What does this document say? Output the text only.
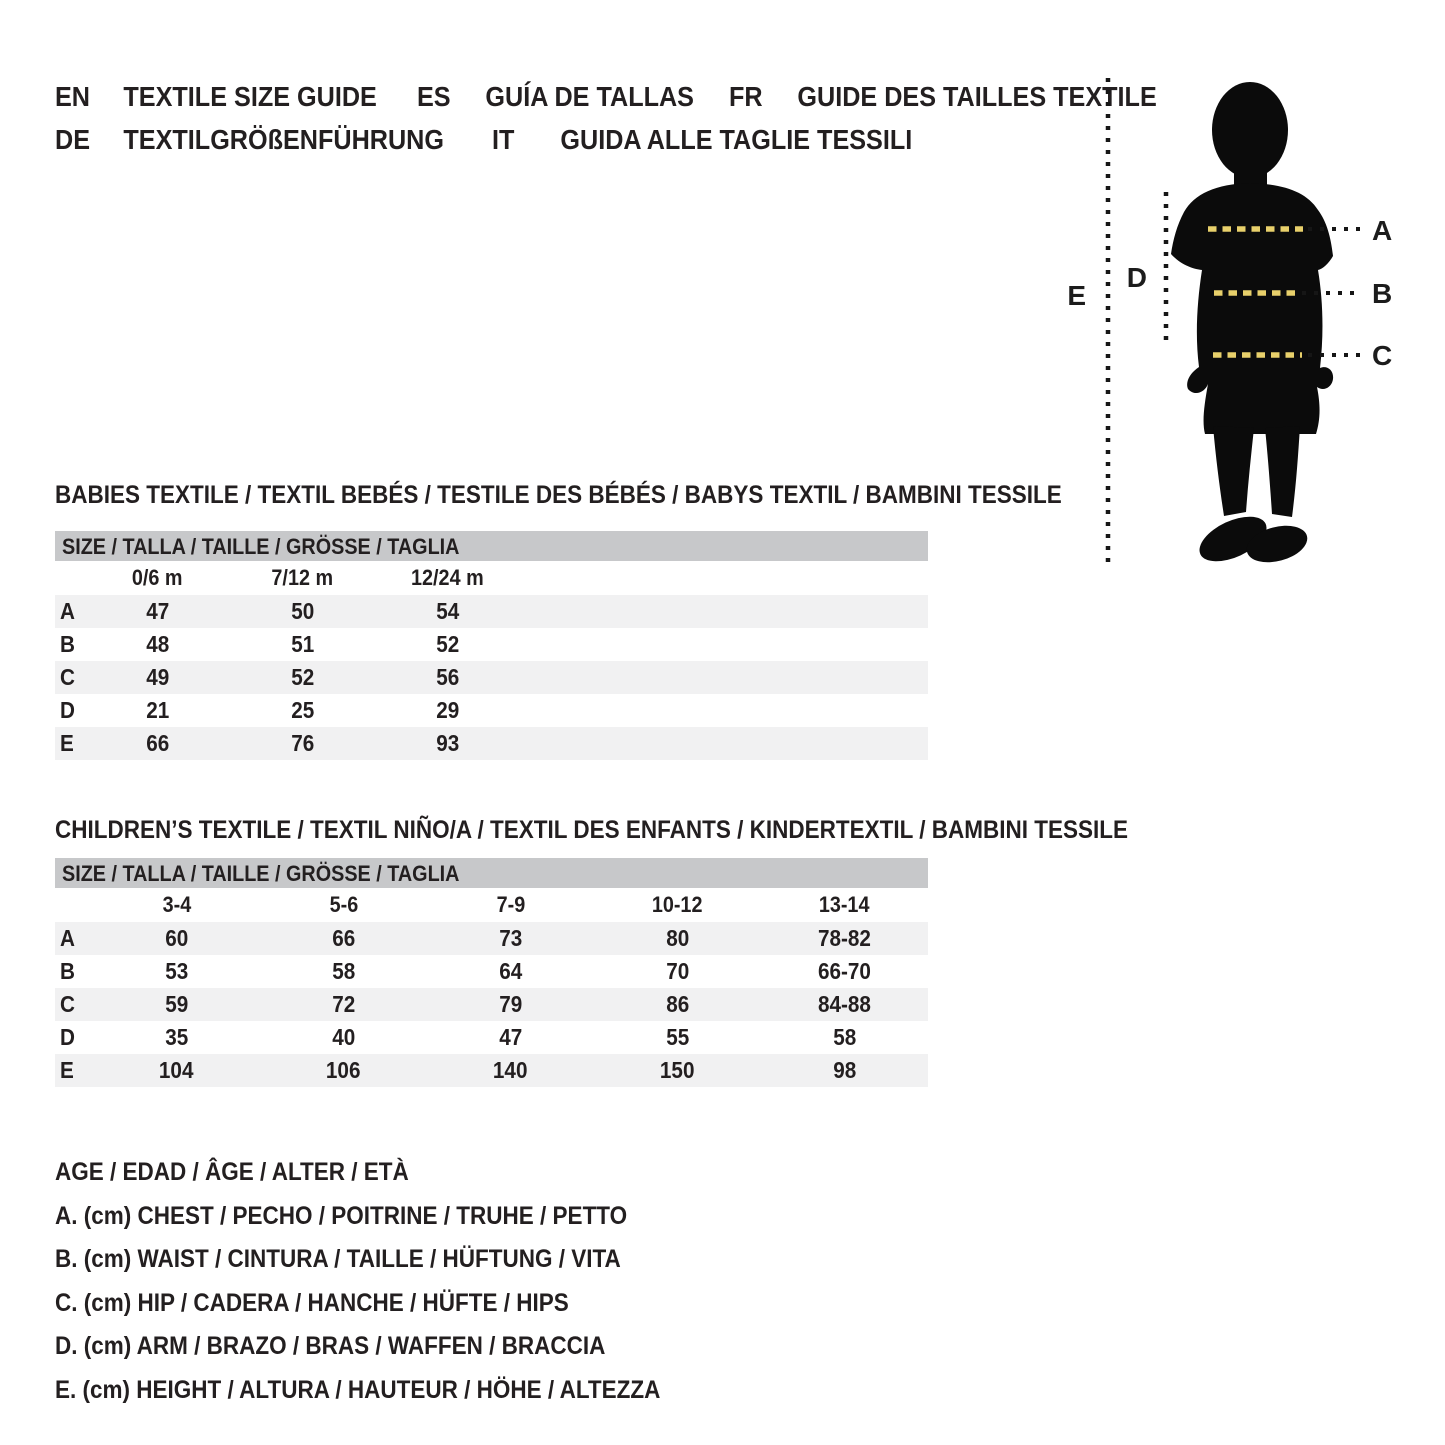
EN TEXTILE SIZE GUIDE ES GUÍA DE TALLAS FR GUIDE DES TAILLES TEXTILE DE TEXTILGRÖßENFÜHRUNG IT GUIDA ALLE TAGLIE TESSILI
A
B
C
D
E
BABIES TEXTILE / TEXTIL BEBÉS / TESTILE DES BÉBÉS / BABYS TEXTIL / BAMBINI TESSILE
SIZE / TALLA / TAILLE / GRÖSSE / TAGLIA
	0/6 m	7/12 m	12/24 m	
A	47	50	54	
B	48	51	52	
C	49	52	56	
D	21	25	29	
E	66	76	93	
CHILDREN’S TEXTILE / TEXTIL NIÑO/A / TEXTIL DES ENFANTS / KINDERTEXTIL / BAMBINI TESSILE
SIZE / TALLA / TAILLE / GRÖSSE / TAGLIA
	3-4	5-6	7-9	10-12	13-14
A	60	66	73	80	78-82
B	53	58	64	70	66-70
C	59	72	79	86	84-88
D	35	40	47	55	58
E	104	106	140	150	98
AGE / EDAD / ÂGE / ALTER / ETÀ
A. (cm) CHEST / PECHO / POITRINE / TRUHE / PETTO
B. (cm) WAIST / CINTURA / TAILLE / HÜFTUNG / VITA
C. (cm) HIP / CADERA / HANCHE / HÜFTE / HIPS
D. (cm) ARM / BRAZO / BRAS / WAFFEN / BRACCIA
E. (cm) HEIGHT / ALTURA / HAUTEUR / HÖHE / ALTEZZA
